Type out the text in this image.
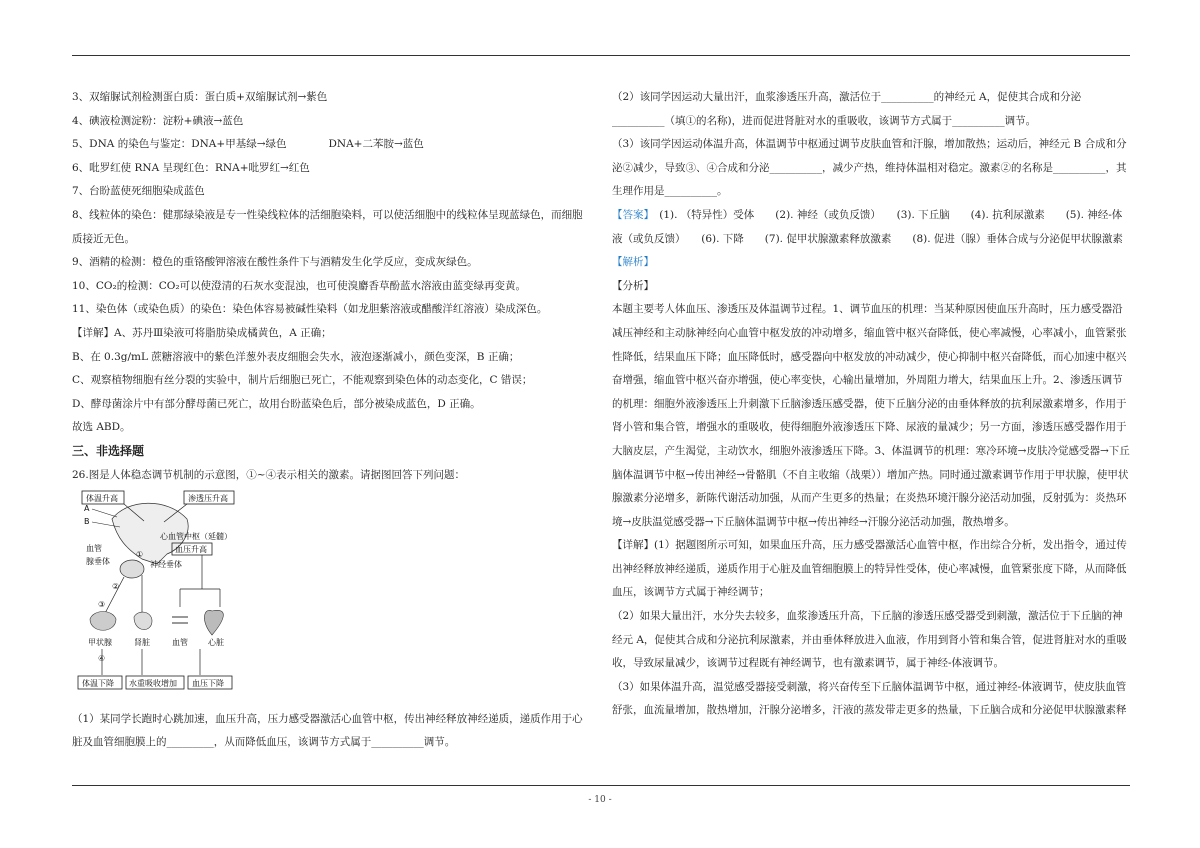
3、双缩脲试剂检测蛋白质：蛋白质+双缩脲试剂→紫色

4、碘液检测淀粉：淀粉+碘液→蓝色

5、DNA 的染色与鉴定：DNA+甲基绿→绿色　　　　DNA+二苯胺→蓝色

6、吡罗红使 RNA 呈现红色：RNA+吡罗红→红色

7、台盼蓝使死细胞染成蓝色

8、线粒体的染色：健那绿染液是专一性染线粒体的活细胞染料，可以使活细胞中的线粒体呈现蓝绿色，而细胞质接近无色。

9、酒精的检测：橙色的重铬酸钾溶液在酸性条件下与酒精发生化学反应，变成灰绿色。

10、CO₂的检测：CO₂可以使澄清的石灰水变混浊，也可使溴麝香草酚蓝水溶液由蓝变绿再变黄。

11、染色体（或染色质）的染色：染色体容易被碱性染料（如龙胆紫溶液或醋酸洋红溶液）染成深色。

【详解】A、苏丹Ⅲ染液可将脂肪染成橘黄色，A 正确；

B、在 0.3g/mL 蔗糖溶液中的紫色洋葱外表皮细胞会失水，液泡逐渐减小，颜色变深，B 正确；

C、观察植物细胞有丝分裂的实验中，制片后细胞已死亡，不能观察到染色体的动态变化，C 错误；

D、酵母菌涂片中有部分酵母菌已死亡，故用台盼蓝染色后，部分被染成蓝色，D 正确。

故选 ABD。

三、非选择题

26.图是人体稳态调节机制的示意图，①~④表示相关的激素。请据图回答下列问题：

体温升高	渗透压升高
A
B
心血管中枢（延髓）
血压升高
血管
腺垂体	神经垂体
①
②
③
甲状腺	肾脏	血管	心脏
④
体温下降 水重吸收增加 血压下降

（1）某同学长跑时心跳加速，血压升高，压力感受器激活心血管中枢，传出神经释放神经递质，递质作用于心脏及血管细胞膜上的_________，从而降低血压，该调节方式属于__________调节。

（2）该同学因运动大量出汗，血浆渗透压升高，激活位于__________的神经元 A，促使其合成和分泌__________（填①的名称)，进而促进肾脏对水的重吸收，该调节方式属于__________调节。

（3）该同学因运动体温升高，体温调节中枢通过调节皮肤血管和汗腺，增加散热；运动后，神经元 B 合成和分泌②减少，导致③、④合成和分泌__________，减少产热，维持体温相对稳定。激素②的名称是__________，其生理作用是__________。

【答案】　(1). （特异性）受体　　(2). 神经（或负反馈）　　(3). 下丘脑　　(4). 抗利尿激素　　(5). 神经-体液（或负反馈）　　(6). 下降　　(7). 促甲状腺激素释放激素　　(8). 促进（腺）垂体合成与分泌促甲状腺激素

【解析】

【分析】

本题主要考人体血压、渗透压及体温调节过程。1、调节血压的机理：当某种原因使血压升高时，压力感受器沿减压神经和主动脉神经向心血管中枢发放的冲动增多，缩血管中枢兴奋降低，使心率减慢，心率减小，血管紧张性降低，结果血压下降；血压降低时，感受器向中枢发放的冲动减少，使心抑制中枢兴奋降低，而心加速中枢兴奋增强，缩血管中枢兴奋亦增强，使心率变快，心输出量增加，外周阻力增大，结果血压上升。2、渗透压调节的机理：细胞外液渗透压上升刺激下丘脑渗透压感受器，使下丘脑分泌的由垂体释放的抗利尿激素增多，作用于肾小管和集合管，增强水的重吸收，使得细胞外液渗透压下降、尿液的量减少；另一方面，渗透压感受器作用于大脑皮层，产生渴觉，主动饮水，细胞外液渗透压下降。3、体温调节的机理：寒冷环境→皮肤冷觉感受器→下丘脑体温调节中枢→传出神经→骨骼肌（不自主收缩（战栗））增加产热。同时通过激素调节作用于甲状腺，使甲状腺激素分泌增多，新陈代谢活动加强，从而产生更多的热量；在炎热环境汗腺分泌活动加强，反射弧为：炎热环境→皮肤温觉感受器→下丘脑体温调节中枢→传出神经→汗腺分泌活动加强，散热增多。

【详解】(1）据题图所示可知，如果血压升高，压力感受器激活心血管中枢，作出综合分析，发出指令，通过传出神经释放神经递质，递质作用于心脏及血管细胞膜上的特异性受体，使心率减慢，血管紧张度下降，从而降低血压，该调节方式属于神经调节；

（2）如果大量出汗，水分失去较多，血浆渗透压升高，下丘脑的渗透压感受器受到刺激，激活位于下丘脑的神经元 A，促使其合成和分泌抗利尿激素，并由垂体释放进入血液，作用到肾小管和集合管，促进肾脏对水的重吸收，导致尿量减少，该调节过程既有神经调节，也有激素调节，属于神经-体液调节。

（3）如果体温升高，温觉感受器接受刺激，将兴奋传至下丘脑体温调节中枢，通过神经-体液调节，使皮肤血管舒张，血流量增加，散热增加，汗腺分泌增多，汗液的蒸发带走更多的热量，下丘脑合成和分泌促甲状腺激素释

- 10 -
